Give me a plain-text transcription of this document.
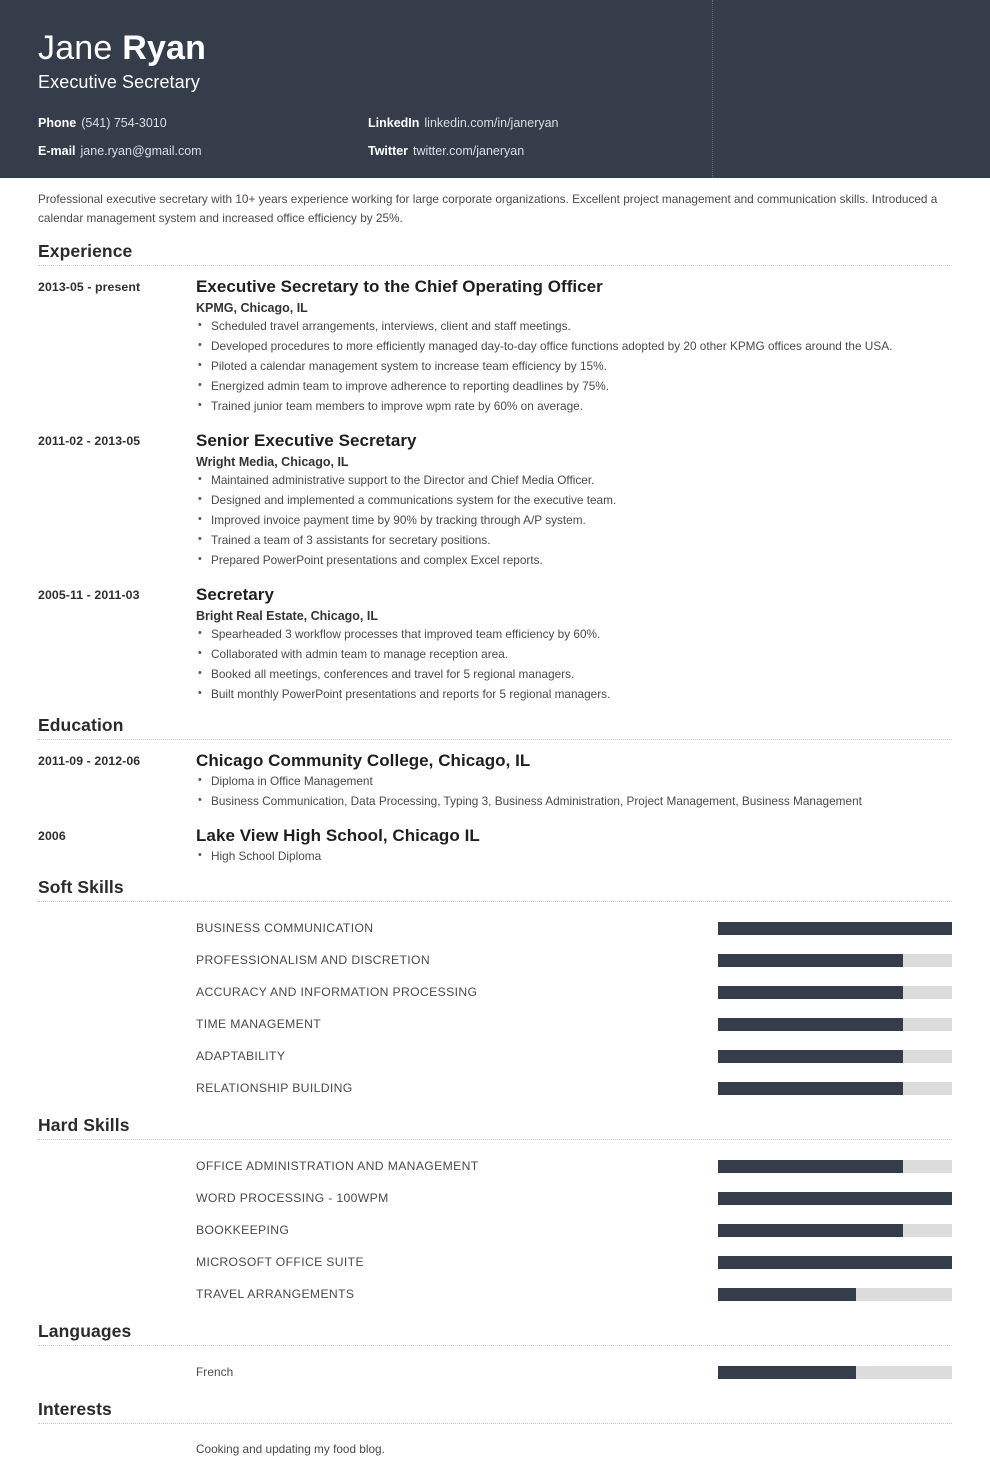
Jane Ryan
Executive Secretary
Phone (541) 754-3010	LinkedIn linkedin.com/in/janeryan
E-mail jane.ryan@gmail.com	Twitter twitter.com/janeryan
Professional executive secretary with 10+ years experience working for large corporate organizations. Excellent project management and communication skills. Introduced a calendar management system and increased office efficiency by 25%.
Experience
2013-05 - present	Executive Secretary to the Chief Operating Officer
KPMG, Chicago, IL
• Scheduled travel arrangements, interviews, client and staff meetings.
• Developed procedures to more efficiently managed day-to-day office functions adopted by 20 other KPMG offices around the USA.
• Piloted a calendar management system to increase team efficiency by 15%.
• Energized admin team to improve adherence to reporting deadlines by 75%.
• Trained junior team members to improve wpm rate by 60% on average.
2011-02 - 2013-05	Senior Executive Secretary
Wright Media, Chicago, IL
• Maintained administrative support to the Director and Chief Media Officer.
• Designed and implemented a communications system for the executive team.
• Improved invoice payment time by 90% by tracking through A/P system.
• Trained a team of 3 assistants for secretary positions.
• Prepared PowerPoint presentations and complex Excel reports.
2005-11 - 2011-03	Secretary
Bright Real Estate, Chicago, IL
• Spearheaded 3 workflow processes that improved team efficiency by 60%.
• Collaborated with admin team to manage reception area.
• Booked all meetings, conferences and travel for 5 regional managers.
• Built monthly PowerPoint presentations and reports for 5 regional managers.
Education
2011-09 - 2012-06	Chicago Community College, Chicago, IL
• Diploma in Office Management
• Business Communication, Data Processing, Typing 3, Business Administration, Project Management, Business Management
2006	Lake View High School, Chicago IL
• High School Diploma
Soft Skills
BUSINESS COMMUNICATION
PROFESSIONALISM AND DISCRETION
ACCURACY AND INFORMATION PROCESSING
TIME MANAGEMENT
ADAPTABILITY
RELATIONSHIP BUILDING
Hard Skills
OFFICE ADMINISTRATION AND MANAGEMENT
WORD PROCESSING - 100WPM
BOOKKEEPING
MICROSOFT OFFICE SUITE
TRAVEL ARRANGEMENTS
Languages
French
Interests
Cooking and updating my food blog.
